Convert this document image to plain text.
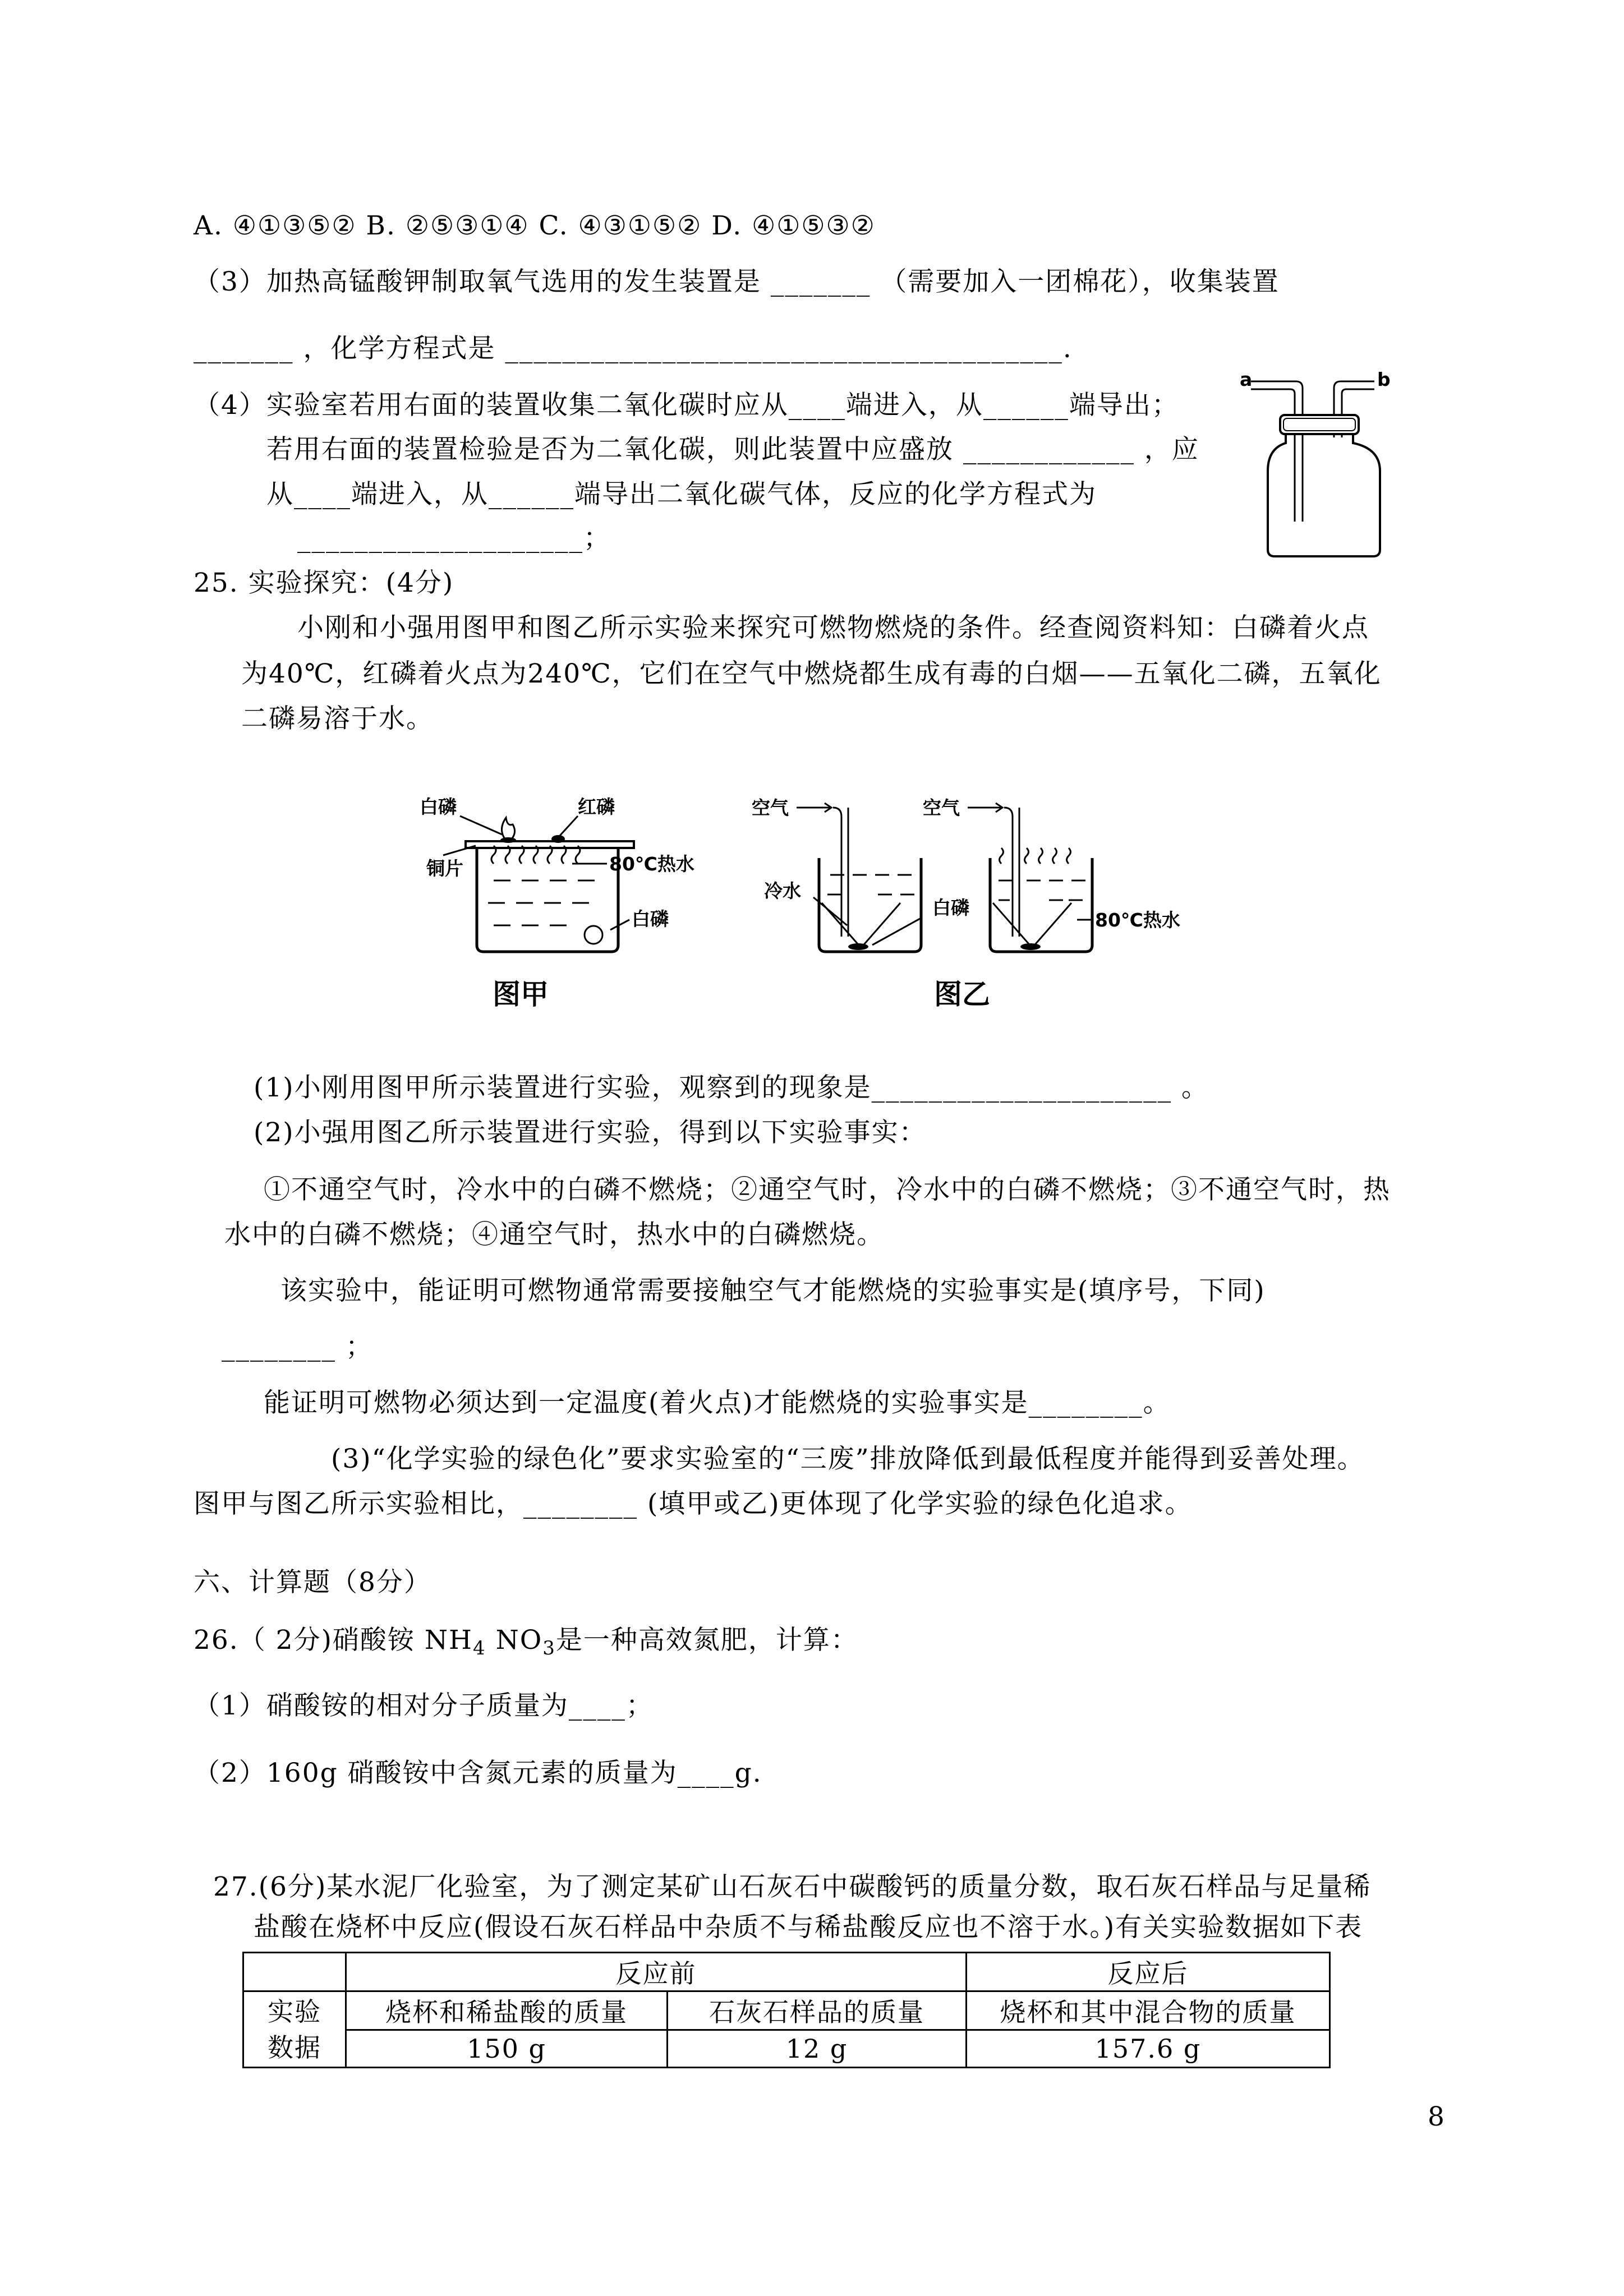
A. ④①③⑤② B. ②⑤③①④ C. ④③①⑤② D. ④①⑤③②
（3）加热高锰酸钾制取氧气选用的发生装置是 _______ （需要加入一团棉花），收集装置
_______ ，化学方程式是 _______________________________________.
（4）实验室若用右面的装置收集二氧化碳时应从____端进入，从______端导出；
若用右面的装置检验是否为二氧化碳，则此装置中应盛放 ____________ ，应
从____端进入，从______端导出二氧化碳气体，反应的化学方程式为
____________________；
a	b
25. 实验探究：(4分)
小刚和小强用图甲和图乙所示实验来探究可燃物燃烧的条件。经查阅资料知：白磷着火点
为40℃，红磷着火点为240℃，它们在空气中燃烧都生成有毒的白烟——五氧化二磷，五氧化
二磷易溶于水。
白磷	红磷
铜片	80℃热水
白磷
图甲
空气	空气
冷水
白磷
80℃热水
图乙
(1)小刚用图甲所示装置进行实验，观察到的现象是_____________________ 。
(2)小强用图乙所示装置进行实验，得到以下实验事实：
①不通空气时，冷水中的白磷不燃烧；②通空气时，冷水中的白磷不燃烧；③不通空气时，热
水中的白磷不燃烧；④通空气时，热水中的白磷燃烧。
该实验中，能证明可燃物通常需要接触空气才能燃烧的实验事实是(填序号，下同)
________ ；
能证明可燃物必须达到一定温度(着火点)才能燃烧的实验事实是________。
(3)“化学实验的绿色化”要求实验室的“三废”排放降低到最低程度并能得到妥善处理。
图甲与图乙所示实验相比，________ (填甲或乙)更体现了化学实验的绿色化追求。
六、计算题（8分）
26.（ 2分)硝酸铵 $NH_4$ $NO_3$是一种高效氮肥，计算：
（1）硝酸铵的相对分子质量为____；
（2）160g 硝酸铵中含氮元素的质量为____g.
27.(6分)某水泥厂化验室，为了测定某矿山石灰石中碳酸钙的质量分数，取石灰石样品与足量稀
盐酸在烧杯中反应(假设石灰石样品中杂质不与稀盐酸反应也不溶于水。)有关实验数据如下表
	反应前		反应后

实验
数据	烧杯和稀盐酸的质量	石灰石样品的质量	烧杯和其中混合物的质量
	150 g	12 g	157.6 g
8
